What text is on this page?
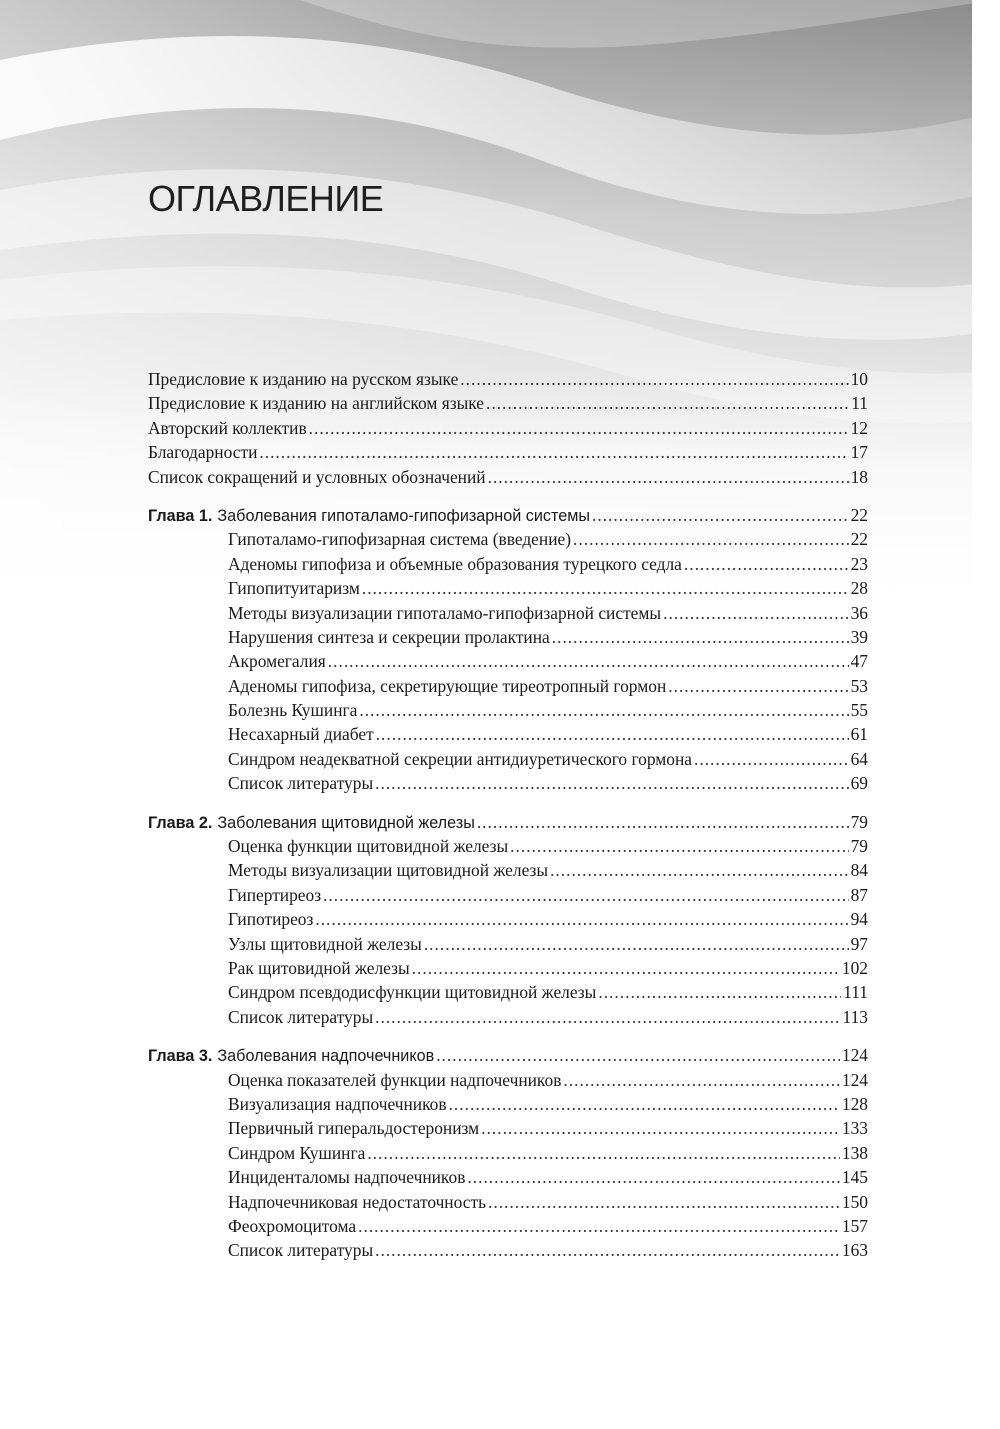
ОГЛАВЛЕНИЕ
Предисловие к изданию на русском языке .....	10
Предисловие к изданию на английском языке .....	11
Авторский коллектив .....	12
Благодарности .....	17
Список сокращений и условных обозначений .....	18
Глава 1. Заболевания гипоталамо-гипофизарной системы .....	22
Гипоталамо-гипофизарная система (введение) .....	22
Аденомы гипофиза и объемные образования турецкого седла .....	23
Гипопитуитаризм .....	28
Методы визуализации гипоталамо-гипофизарной системы .....	36
Нарушения синтеза и секреции пролактина .....	39
Акромегалия .....	47
Аденомы гипофиза, секретирующие тиреотропный гормон .....	53
Болезнь Кушинга .....	55
Несахарный диабет .....	61
Синдром неадекватной секреции антидиуретического гормона .....	64
Список литературы .....	69
Глава 2. Заболевания щитовидной железы .....	79
Оценка функции щитовидной железы .....	79
Методы визуализации щитовидной железы .....	84
Гипертиреоз .....	87
Гипотиреоз .....	94
Узлы щитовидной железы .....	97
Рак щитовидной железы .....	102
Синдром псевдодисфункции щитовидной железы .....	111
Список литературы .....	113
Глава 3. Заболевания надпочечников .....	124
Оценка показателей функции надпочечников .....	124
Визуализация надпочечников .....	128
Первичный гиперальдостеронизм .....	133
Синдром Кушинга .....	138
Инциденталомы надпочечников .....	145
Надпочечниковая недостаточность .....	150
Феохромоцитома .....	157
Список литературы .....	163
